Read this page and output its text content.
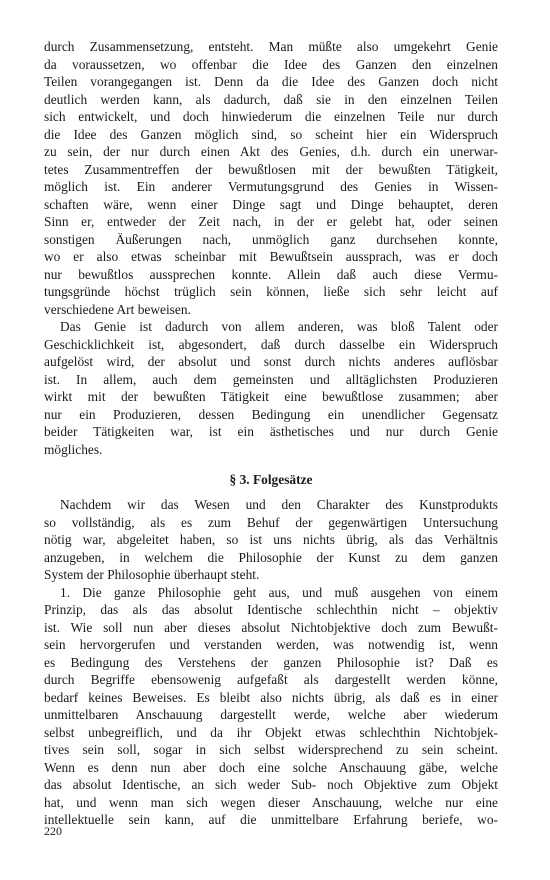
durch Zusammensetzung, entsteht. Man müßte also umgekehrt Genie
da voraussetzen, wo offenbar die Idee des Ganzen den einzelnen
Teilen vorangegangen ist. Denn da die Idee des Ganzen doch nicht
deutlich werden kann, als dadurch, daß sie in den einzelnen Teilen
sich entwickelt, und doch hinwiederum die einzelnen Teile nur durch
die Idee des Ganzen möglich sind, so scheint hier ein Widerspruch
zu sein, der nur durch einen Akt des Genies, d.h. durch ein unerwar-
tetes Zusammentreffen der bewußtlosen mit der bewußten Tätigkeit,
möglich ist. Ein anderer Vermutungsgrund des Genies in Wissen-
schaften wäre, wenn einer Dinge sagt und Dinge behauptet, deren
Sinn er, entweder der Zeit nach, in der er gelebt hat, oder seinen
sonstigen Äußerungen nach, unmöglich ganz durchsehen konnte,
wo er also etwas scheinbar mit Bewußtsein aussprach, was er doch
nur bewußtlos aussprechen konnte. Allein daß auch diese Vermu-
tungsgründe höchst trüglich sein können, ließe sich sehr leicht auf
verschiedene Art beweisen.
Das Genie ist dadurch von allem anderen, was bloß Talent oder
Geschicklichkeit ist, abgesondert, daß durch dasselbe ein Widerspruch
aufgelöst wird, der absolut und sonst durch nichts anderes auflösbar
ist. In allem, auch dem gemeinsten und alltäglichsten Produzieren
wirkt mit der bewußten Tätigkeit eine bewußtlose zusammen; aber
nur ein Produzieren, dessen Bedingung ein unendlicher Gegensatz
beider Tätigkeiten war, ist ein ästhetisches und nur durch Genie
mögliches.
§ 3. Folgesätze
Nachdem wir das Wesen und den Charakter des Kunstprodukts
so vollständig, als es zum Behuf der gegenwärtigen Untersuchung
nötig war, abgeleitet haben, so ist uns nichts übrig, als das Verhältnis
anzugeben, in welchem die Philosophie der Kunst zu dem ganzen
System der Philosophie überhaupt steht.
1. Die ganze Philosophie geht aus, und muß ausgehen von einem
Prinzip, das als das absolut Identische schlechthin nicht – objektiv
ist. Wie soll nun aber dieses absolut Nichtobjektive doch zum Bewußt-
sein hervorgerufen und verstanden werden, was notwendig ist, wenn
es Bedingung des Verstehens der ganzen Philosophie ist? Daß es
durch Begriffe ebensowenig aufgefaßt als dargestellt werden könne,
bedarf keines Beweises. Es bleibt also nichts übrig, als daß es in einer
unmittelbaren Anschauung dargestellt werde, welche aber wiederum
selbst unbegreiflich, und da ihr Objekt etwas schlechthin Nichtobjek-
tives sein soll, sogar in sich selbst widersprechend zu sein scheint.
Wenn es denn nun aber doch eine solche Anschauung gäbe, welche
das absolut Identische, an sich weder Sub- noch Objektive zum Objekt
hat, und wenn man sich wegen dieser Anschauung, welche nur eine
intellektuelle sein kann, auf die unmittelbare Erfahrung beriefe, wo-
220
